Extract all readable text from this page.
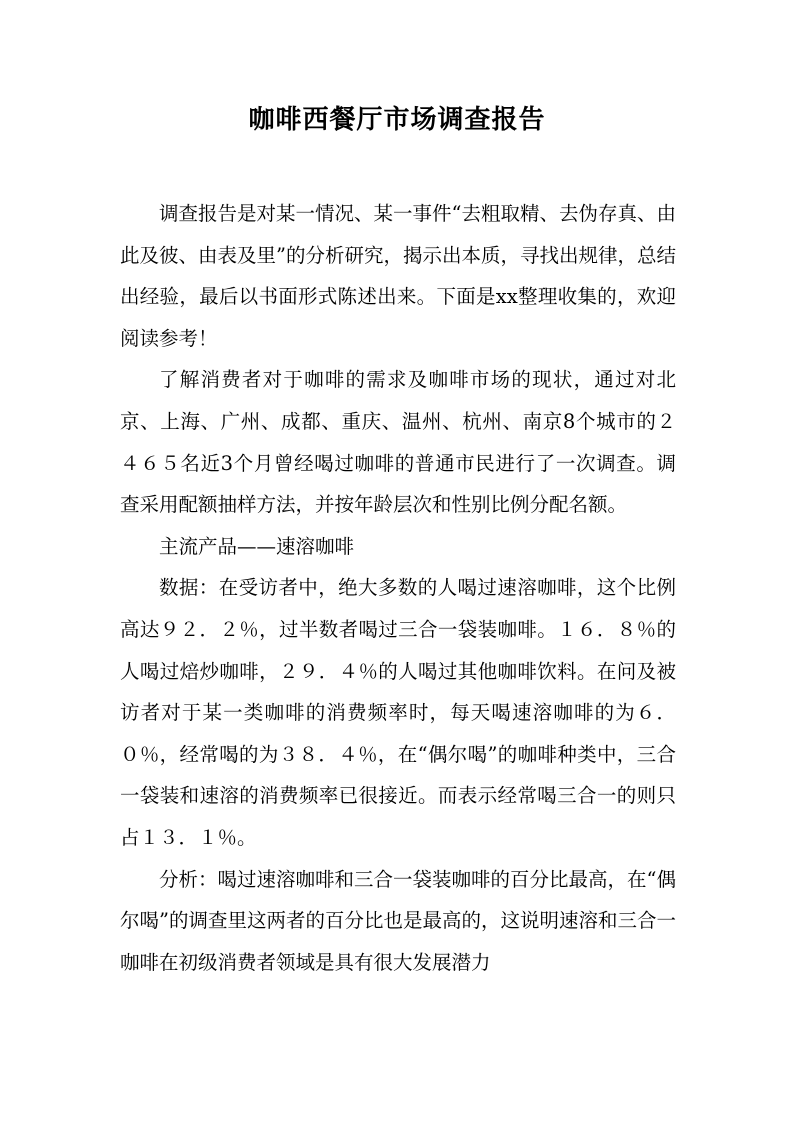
咖啡西餐厅市场调查报告

调查报告是对某一情况、某一事件“去粗取精、去伪存真、由此及彼、由表及里”的分析研究，揭示出本质，寻找出规律，总结出经验，最后以书面形式陈述出来。下面是xx整理收集的，欢迎阅读参考！

了解消费者对于咖啡的需求及咖啡市场的现状，通过对北京、上海、广州、成都、重庆、温州、杭州、南京8个城市的２４６５名近3个月曾经喝过咖啡的普通市民进行了一次调查。调查采用配额抽样方法，并按年龄层次和性别比例分配名额。

主流产品——速溶咖啡

数据：在受访者中，绝大多数的人喝过速溶咖啡，这个比例高达９２．２％，过半数者喝过三合一袋装咖啡。１６．８％的人喝过焙炒咖啡，２９．４％的人喝过其他咖啡饮料。在问及被访者对于某一类咖啡的消费频率时，每天喝速溶咖啡的为６．０％，经常喝的为３８．４％，在“偶尔喝”的咖啡种类中，三合一袋装和速溶的消费频率已很接近。而表示经常喝三合一的则只占１３．１％。

分析：喝过速溶咖啡和三合一袋装咖啡的百分比最高，在“偶尔喝”的调查里这两者的百分比也是最高的，这说明速溶和三合一咖啡在初级消费者领域是具有很大发展潜力
